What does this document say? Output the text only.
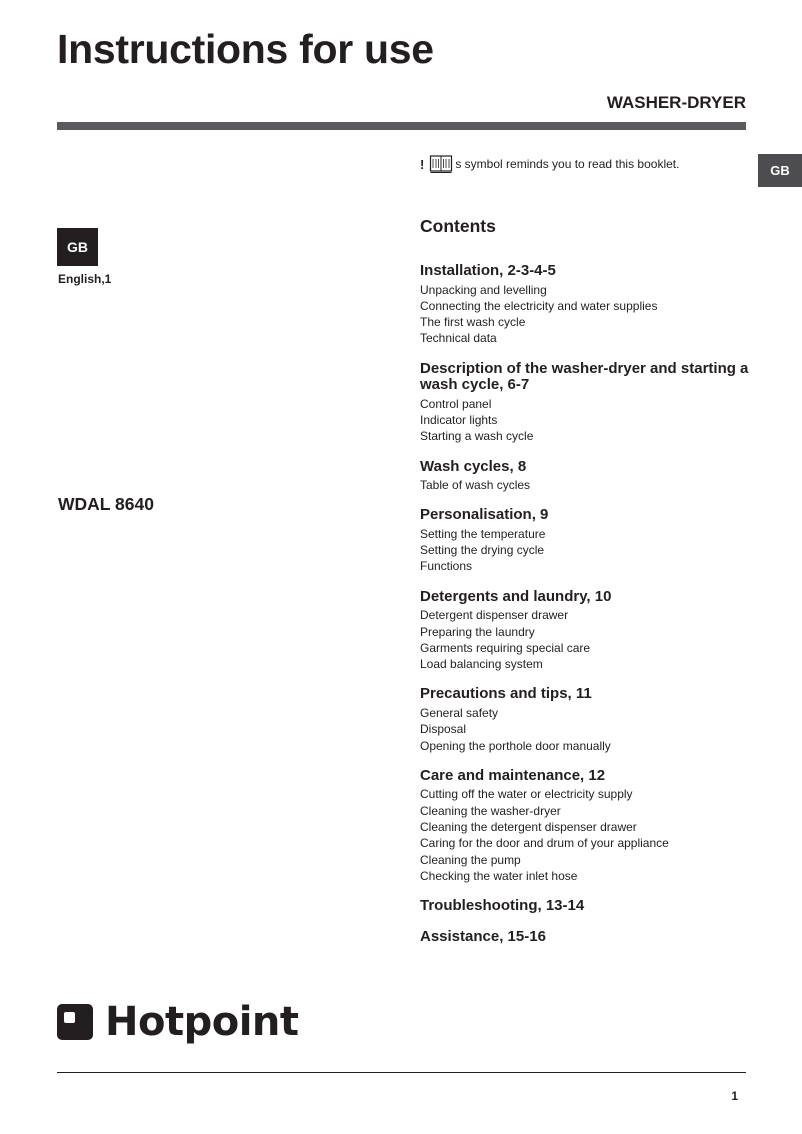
Instructions for use
WASHER-DRYER
GB
GB
English,1
WDAL 8640
!	s symbol reminds you to read this booklet.
Contents
Installation, 2-3-4-5
Unpacking and levelling
Connecting the electricity and water supplies
The first wash cycle
Technical data
Description of the washer-dryer and starting a wash cycle, 6-7
Control panel
Indicator lights
Starting a wash cycle
Wash cycles, 8
Table of wash cycles
Personalisation, 9
Setting the temperature
Setting the drying cycle
Functions
Detergents and laundry, 10
Detergent dispenser drawer
Preparing the laundry
Garments requiring special care
Load balancing system
Precautions and tips, 11
General safety
Disposal
Opening the porthole door manually
Care and maintenance, 12
Cutting off the water or electricity supply
Cleaning the washer-dryer
Cleaning the detergent dispenser drawer
Caring for the door and drum of your appliance
Cleaning the pump
Checking the water inlet hose
Troubleshooting, 13-14
Assistance, 15-16
Hotpoint
1
